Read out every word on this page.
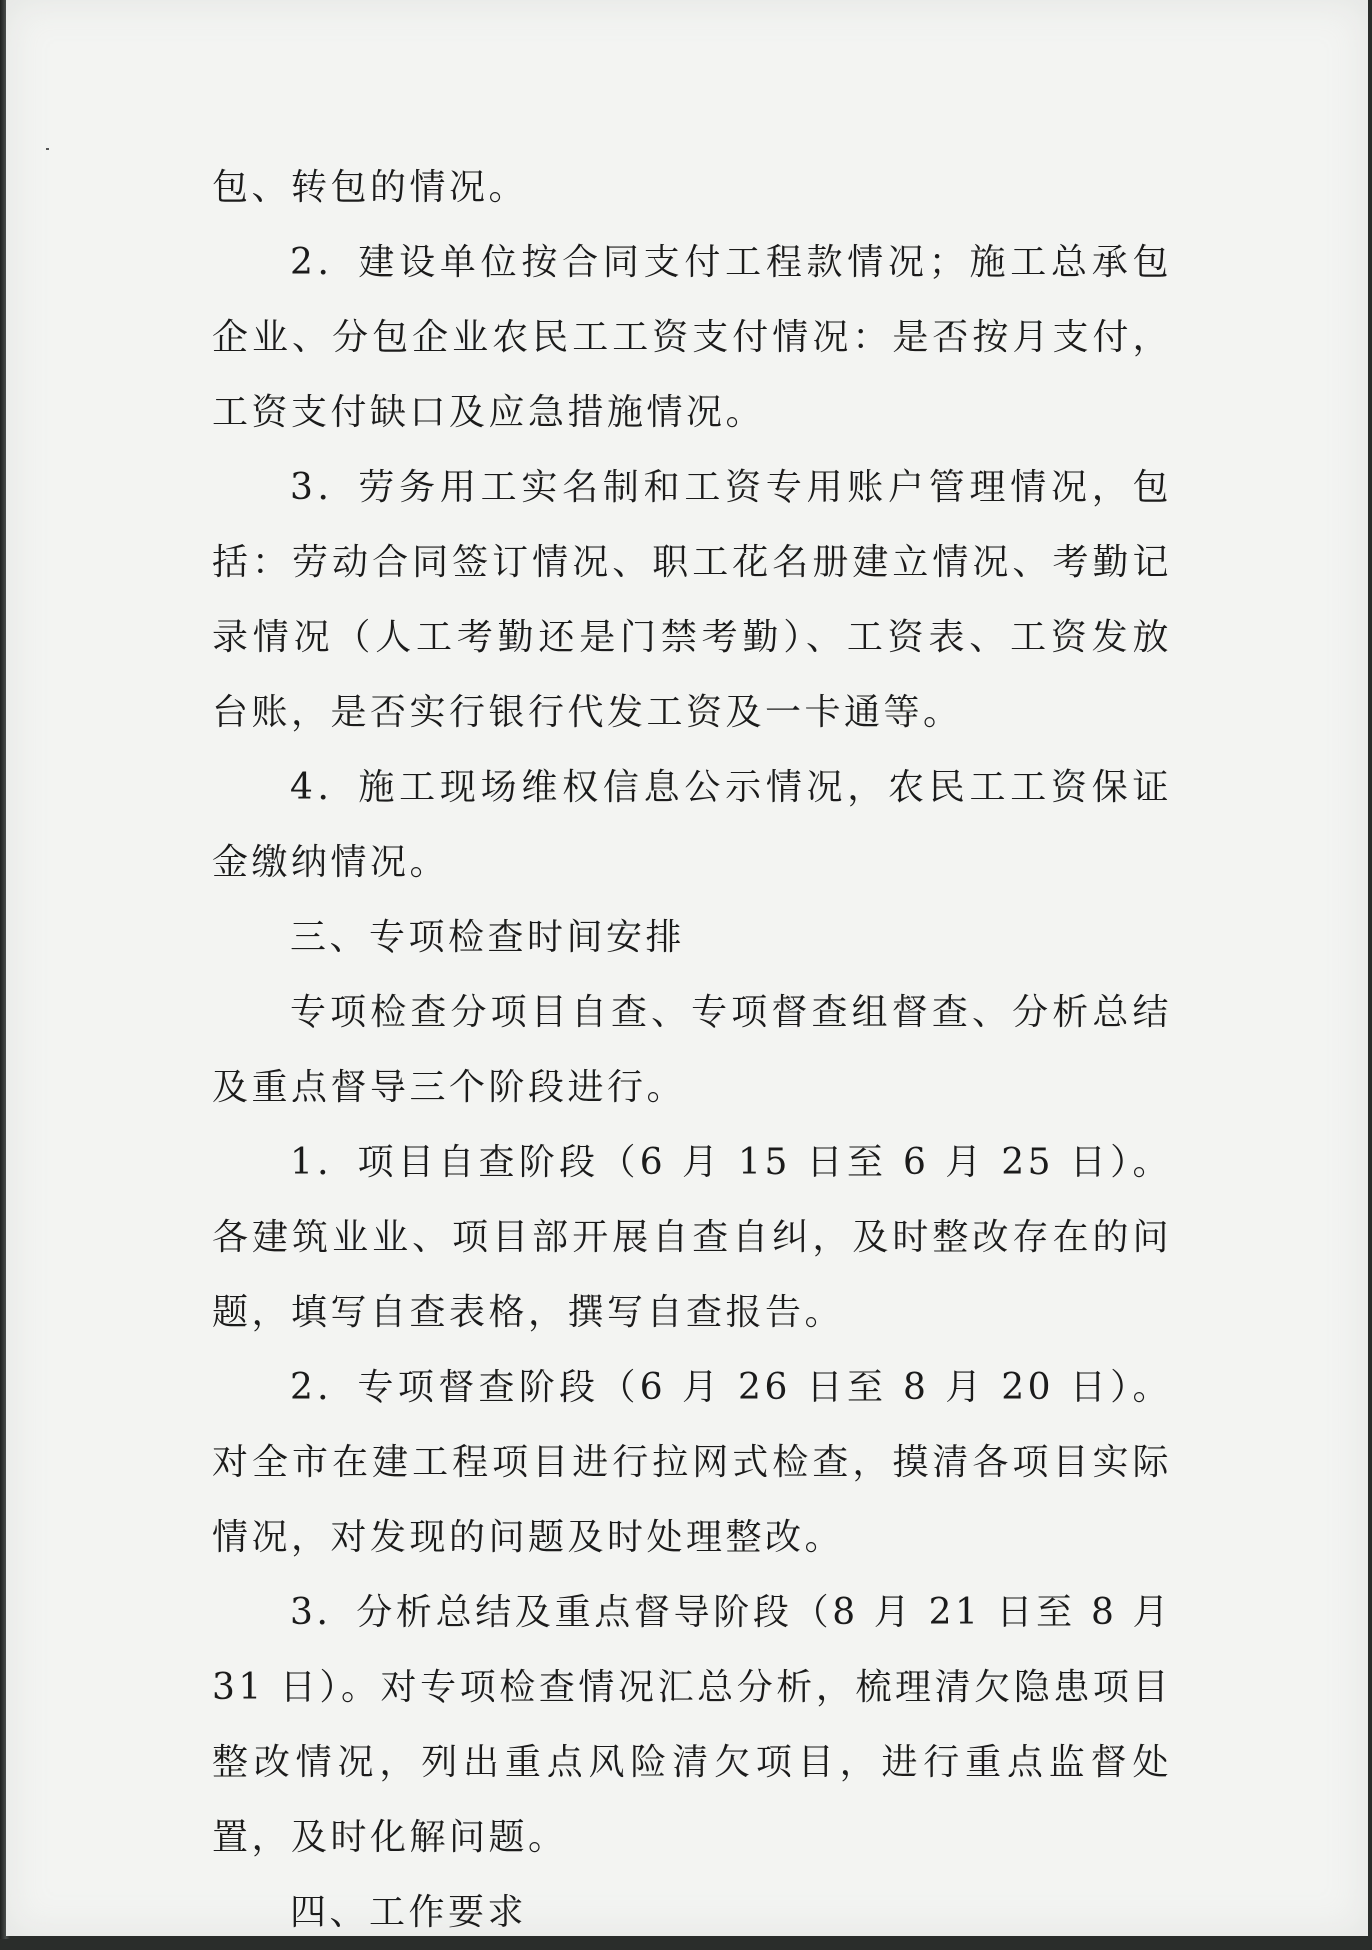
包、转包的情况。

2．建设单位按合同支付工程款情况；施工总承包企业、分包企业农民工工资支付情况：是否按月支付，工资支付缺口及应急措施情况。

3．劳务用工实名制和工资专用账户管理情况，包括：劳动合同签订情况、职工花名册建立情况、考勤记录情况（人工考勤还是门禁考勤）、工资表、工资发放台账，是否实行银行代发工资及一卡通等。

4．施工现场维权信息公示情况，农民工工资保证金缴纳情况。

三、专项检查时间安排

专项检查分项目自查、专项督查组督查、分析总结及重点督导三个阶段进行。

1．项目自查阶段（6 月 15 日至 6 月 25 日）。各建筑业业、项目部开展自查自纠，及时整改存在的问题，填写自查表格，撰写自查报告。

2．专项督查阶段（6 月 26 日至 8 月 20 日）。对全市在建工程项目进行拉网式检查，摸清各项目实际情况，对发现的问题及时处理整改。

3．分析总结及重点督导阶段（8 月 21 日至 8 月 31 日）。对专项检查情况汇总分析，梳理清欠隐患项目整改情况，列出重点风险清欠项目，进行重点监督处置，及时化解问题。

四、工作要求
